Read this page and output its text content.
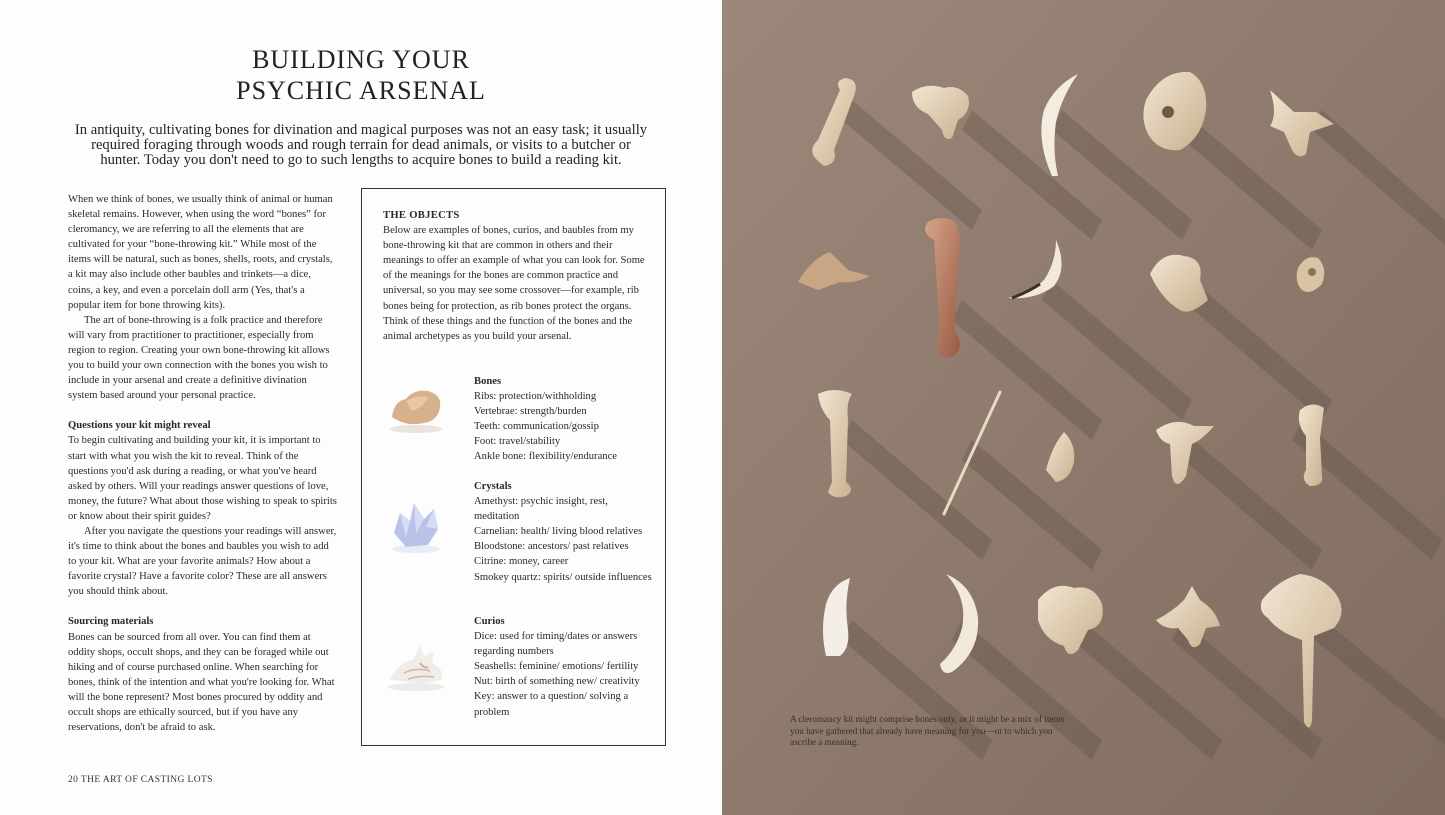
BUILDING YOUR
PSYCHIC ARSENAL
In antiquity, cultivating bones for divination and magical purposes was not an easy task; it usually required foraging through woods and rough terrain for dead animals, or visits to a butcher or hunter. Today you don't need to go to such lengths to acquire bones to build a reading kit.

When we think of bones, we usually think of animal or human skeletal remains. However, when using the word “bones” for cleromancy, we are referring to all the elements that are cultivated for your “bone-throwing kit.” While most of the items will be natural, such as bones, shells, roots, and crystals, a kit may also include other baubles and trinkets—a dice, coins, a key, and even a porcelain doll arm (Yes, that's a popular item for bone throwing kits).

The art of bone-throwing is a folk practice and therefore will vary from practitioner to practitioner, especially from region to region. Creating your own bone-throwing kit allows you to build your own connection with the bones you wish to include in your arsenal and create a definitive divination system based around your personal practice.

Questions your kit might reveal

To begin cultivating and building your kit, it is important to start with what you wish the kit to reveal. Think of the questions you'd ask during a reading, or what you've heard asked by others. Will your readings answer questions of love, money, the future? What about those wishing to speak to spirits or know about their spirit guides?

After you navigate the questions your readings will answer, it's time to think about the bones and baubles you wish to add to your kit. What are your favorite animals? How about a favorite crystal? Have a favorite color? These are all answers you should think about.

Sourcing materials

Bones can be sourced from all over. You can find them at oddity shops, occult shops, and they can be foraged while out hiking and of course purchased online. When searching for bones, think of the intention and what you're looking for. What will the bone represent? Most bones procured by oddity and occult shops are ethically sourced, but if you have any reservations, don't be afraid to ask.

THE OBJECTS
Below are examples of bones, curios, and baubles from my bone-throwing kit that are common in others and their meanings to offer an example of what you can look for. Some of the meanings for the bones are common practice and universal, so you may see some crossover—for example, rib bones being for protection, as rib bones protect the organs. Think of these things and the function of the bones and the animal archetypes as you build your arsenal.
Bones
Ribs: protection/withholding
Vertebrae: strength/burden
Teeth: communication/gossip
Foot: travel/stability
Ankle bone: flexibility/endurance
Crystals
Amethyst: psychic insight, rest, meditation
Carnelian: health/ living blood relatives
Bloodstone: ancestors/ past relatives
Citrine: money, career
Smokey quartz: spirits/ outside influences
Curios
Dice: used for timing/dates or answers regarding numbers
Seashells: feminine/ emotions/ fertility
Nut: birth of something new/ creativity
Key: answer to a question/ solving a problem
20 THE ART OF CASTING LOTS
A cleromancy kit might comprise bones only, or it might be a mix of items you have gathered that already have meaning for you—or to which you ascribe a meaning.
